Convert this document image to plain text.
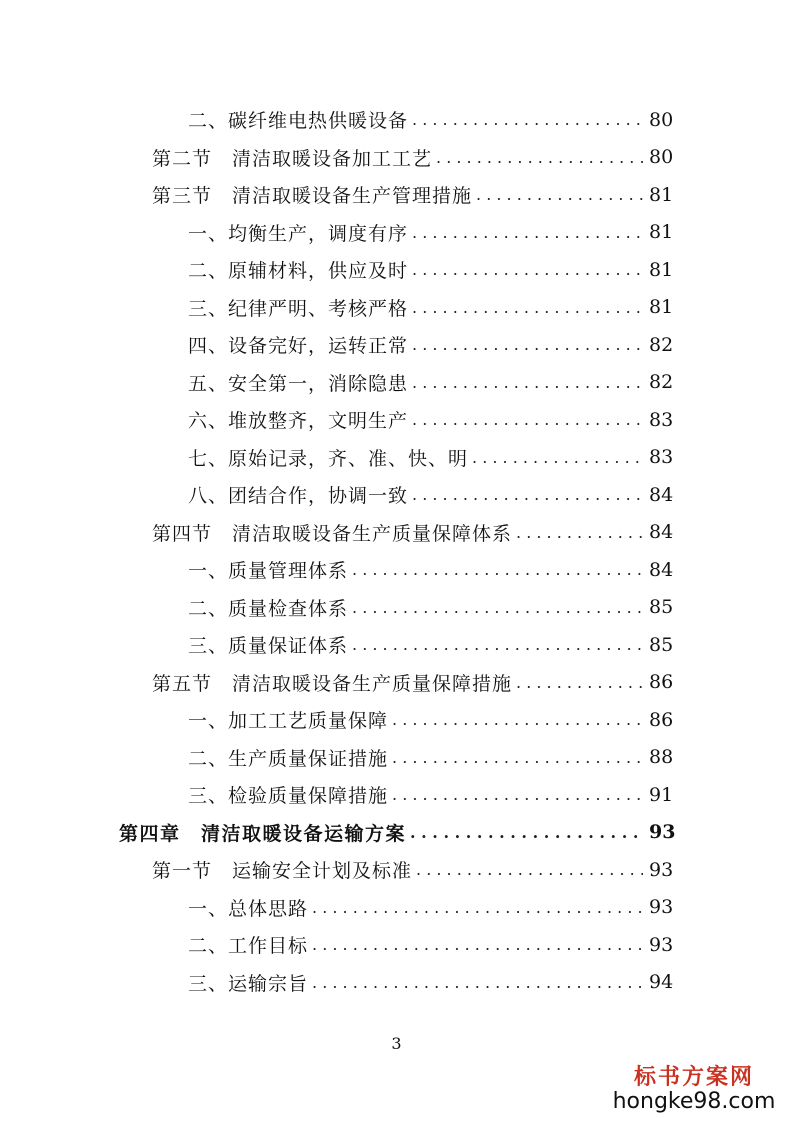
二、碳纤维电热供暖设备 . . .	80
第二节　清洁取暖设备加工工艺 . . .	80
第三节　清洁取暖设备生产管理措施 . . .	81
一、均衡生产，调度有序 . . .	81
二、原辅材料，供应及时 . . .	81
三、纪律严明、考核严格 . . .	81
四、设备完好，运转正常 . . .	82
五、安全第一，消除隐患 . . .	82
六、堆放整齐，文明生产 . . .	83
七、原始记录，齐、准、快、明 . . .	83
八、团结合作，协调一致 . . .	84
第四节　清洁取暖设备生产质量保障体系 . . .	84
一、质量管理体系 . . .	84
二、质量检查体系 . . .	85
三、质量保证体系 . . .	85
第五节　清洁取暖设备生产质量保障措施 . . .	86
一、加工工艺质量保障 . . .	86
二、生产质量保证措施 . . .	88
三、检验质量保障措施 . . .	91
第四章　清洁取暖设备运输方案 . . .	93
第一节　运输安全计划及标准 . . .	93
一、总体思路 . . .	93
二、工作目标 . . .	93
三、运输宗旨 . . .	94
3
标书方案网
hongke98.com
